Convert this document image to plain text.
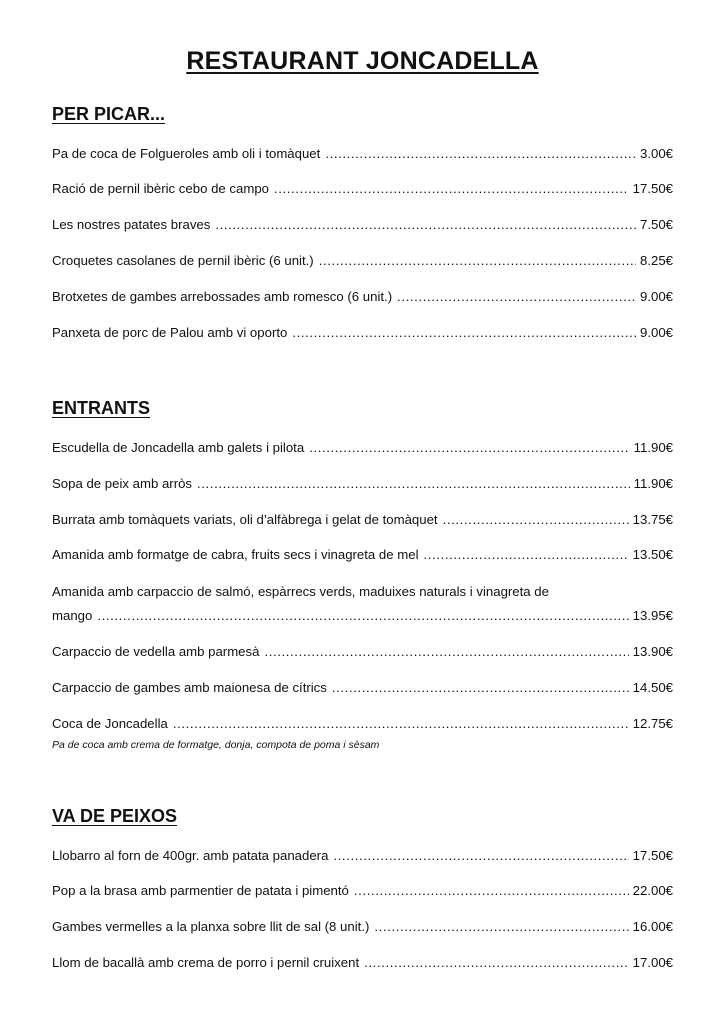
RESTAURANT JONCADELLA
PER PICAR...
Pa de coca de Folgueroles amb oli i tomàquet .....	3.00€
Ració de pernil ibèric cebo de campo .....	17.50€
Les nostres patates braves .....	7.50€
Croquetes casolanes de pernil ibèric (6 unit.) .....	8.25€
Brotxetes de gambes arrebossades amb romesco (6 unit.) .....	9.00€
Panxeta de porc de Palou amb vi oporto .....	9.00€
ENTRANTS
Escudella de Joncadella amb galets i pilota .....	11.90€
Sopa de peix amb arròs .....	11.90€
Burrata amb tomàquets variats, oli d’alfàbrega i gelat de tomàquet .....	13.75€
Amanida amb formatge de cabra, fruits secs i vinagreta de mel .....	13.50€
Amanida amb carpaccio de salmó, espàrrecs verds, maduixes naturals i vinagreta de
mango .....	13.95€
Carpaccio de vedella amb parmesà .....	13.90€
Carpaccio de gambes amb maionesa de cítrics .....	14.50€
Coca de Joncadella .....	12.75€
Pa de coca amb crema de formatge, donja, compota de poma i sèsam
VA DE PEIXOS
Llobarro al forn de 400gr. amb patata panadera .....	17.50€
Pop a la brasa amb parmentier de patata i pimentó .....	22.00€
Gambes vermelles a la planxa sobre llit de sal (8 unit.) .....	16.00€
Llom de bacallà amb crema de porro i pernil cruixent .....	17.00€
